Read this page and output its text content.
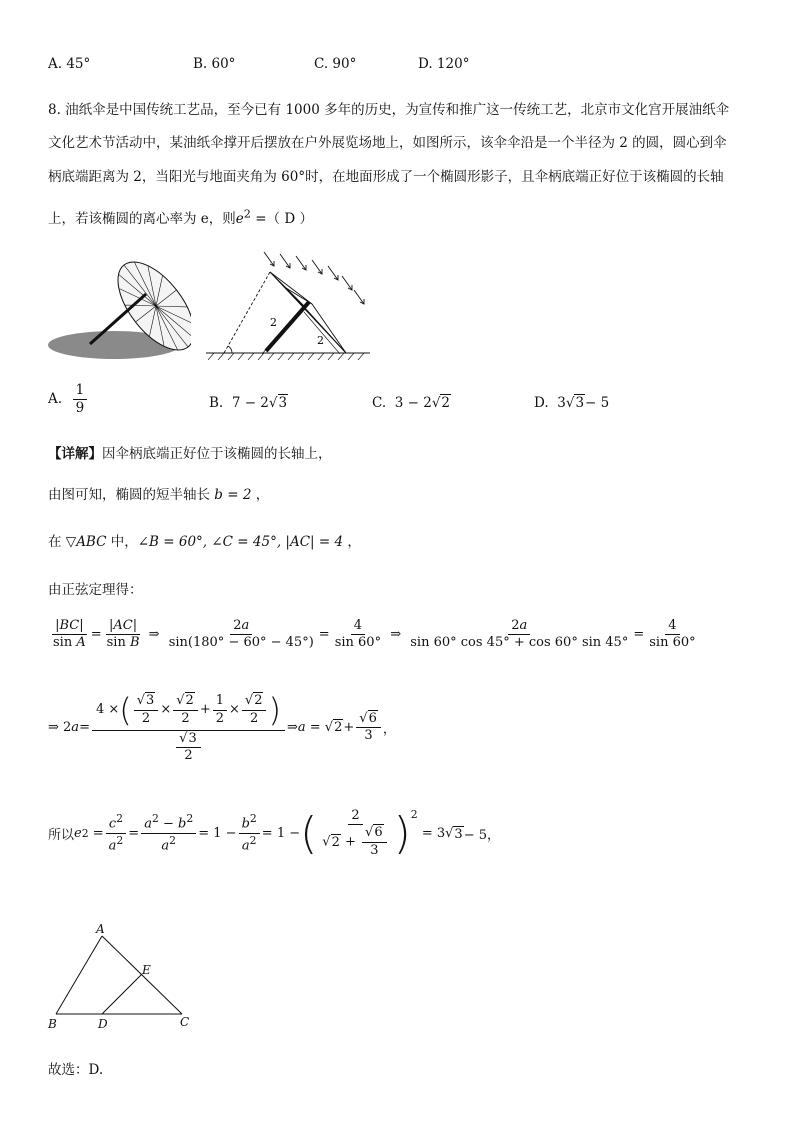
A. 45°	B. 60°	C. 90°	D. 120°
8. 油纸伞是中国传统工艺品，至今已有 1000 多年的历史，为宣传和推广这一传统工艺，北京市文化宫开展油纸伞
文化艺术节活动中，某油纸伞撑开后摆放在户外展览场地上，如图所示，该伞伞沿是一个半径为 2 的圆，圆心到伞
柄底端距离为 2，当阳光与地面夹角为 60°时，在地面形成了一个椭圆形影子，且伞柄底端正好位于该椭圆的长轴
上，若该椭圆的离心率为 e，则$e^2$ =（ D ）
2
2
A.
$\frac{1}{9}$	B.
7 − 2 √ 3	C.
3 − 2 √ 2	D.
3 √ 3 − 5
【详解】因伞柄底端正好位于该椭圆的长轴上，
由图可知，椭圆的短半轴长 b = 2 ，
在 ▽ABC 中，∠B = 60°, ∠C = 45°, |AC| = 4 ，
由正弦定理得：
$\frac{|BC|}{\text{sin A}} = \frac{|AC|}{\text{sin B}}$ ⇒ $\frac{2a}{\sin(180^\circ - 60^\circ - 45^\circ)} = \frac{4}{\sin 60^\circ}$ ⇒ $\frac{2a}{\sin 60^\circ \cos 45^\circ + \cos 60^\circ \sin 45^\circ} = \frac{4}{\sin 60^\circ}$
⇒ 2 $a = \frac{4 \times ( \frac{√3}{2} \times \frac{√2}{2} + \frac{1}{2} \times \frac{√2}{2} )}{\frac{√3}{2}}$ ⇒ a = √ $2 + \frac{√6}{3}$ ，
所以 e $2 = \frac{c^2}{a^2} = \frac{a^2 - b^2}{a^2} = 1 - \frac{b^2}{a^2} = 1$ − ( $\frac{2}{√2 + \frac{√6}{3}} )^2$
= 3√ 3 − 5，
A
E
B	D	C
故选：D.
